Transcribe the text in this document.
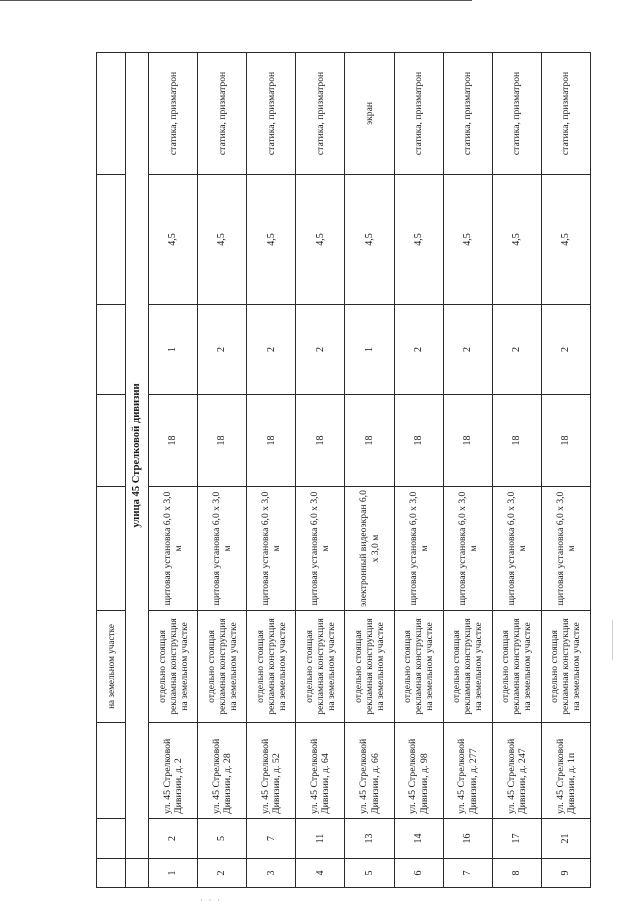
			на земельном участке					
	улица 45 Стрелковой дивизии							
1	2	ул. 45 Стрелковой Дивизии, д. 2	отдельно стоящая рекламная конструкция на земельном участке	щитовая установка 6,0 х 3,0 м	18	1	4,5	статика, призматрон
2	5	ул. 45 Стрелковой Дивизии, д. 28	отдельно стоящая рекламная конструкция на земельном участке	щитовая установка 6,0 х 3,0 м	18	2	4,5	статика, призматрон
3	7	ул. 45 Стрелковой Дивизии, д. 52	отдельно стоящая рекламная конструкция на земельном участке	щитовая установка 6,0 х 3,0 м	18	2	4,5	статика, призматрон
4	11	ул. 45 Стрелковой Дивизии, д. 64	отдельно стоящая рекламная конструкция на земельном участке	щитовая установка 6,0 х 3,0 м	18	2	4,5	статика, призматрон
5	13	ул. 45 Стрелковой Дивизии, д. 66	отдельно стоящая рекламная конструкция на земельном участке	электронный видеоэкран 6,0 х 3,0 м	18	1	4,5	экран
6	14	ул. 45 Стрелковой Дивизии, д. 98	отдельно стоящая рекламная конструкция на земельном участке	щитовая установка 6,0 х 3,0 м	18	2	4,5	статика, призматрон
7	16	ул. 45 Стрелковой Дивизии, д. 277	отдельно стоящая рекламная конструкция на земельном участке	щитовая установка 6,0 х 3,0 м	18	2	4,5	статика, призматрон
8	17	ул. 45 Стрелковой Дивизии, д. 247	отдельно стоящая рекламная конструкция на земельном участке	щитовая установка 6,0 х 3,0 м	18	2	4,5	статика, призматрон
9	21	ул. 45 Стрелковой Дивизии, д. 1п	отдельно стоящая рекламная конструкция на земельном участке	щитовая установка 6,0 х 3,0 м	18	2	4,5	статика, призматрон
· · ·
